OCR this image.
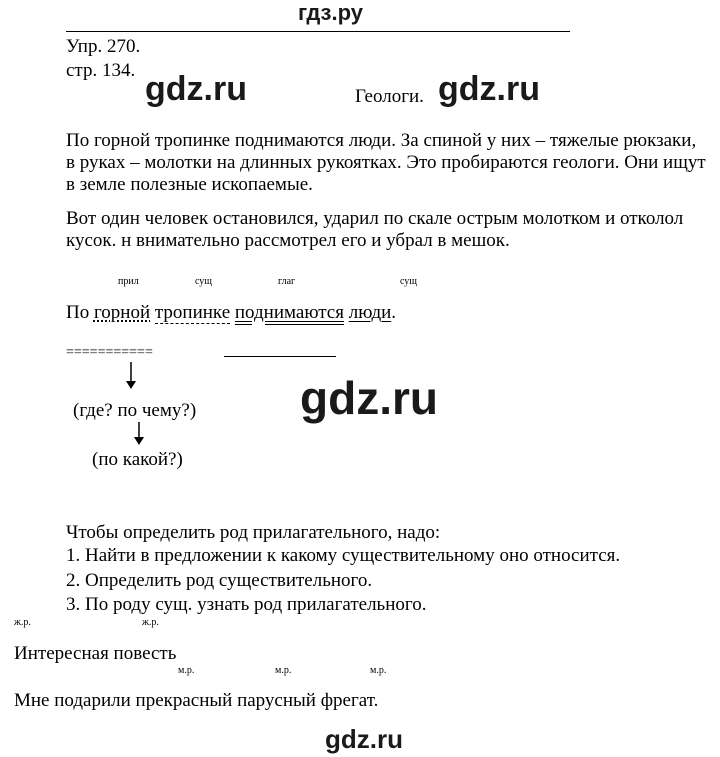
гдз.ру
Упр. 270.
стр. 134. gdz.ru	gdz.ru
Геологи.
По горной тропинке поднимаются люди. За спиной у них – тяжелые рюкзаки, в руках – молотки на длинных рукоятках. Это пробираются геологи. Они ищут в земле полезные ископаемые.
Вот один человек остановился, ударил по скале острым молотком и отколол кусок. н внимательно рассмотрел его и убрал в мешок.
прил	сущ	глаг	сущ
По горной тропинке поднимаются люди.
===========
(где? по чему?)
(по какой?)
gdz.ru
Чтобы определить род прилагательного, надо:
1. Найти в предложении к какому существительному оно относится.
2. Определить род существительного.
3. По роду сущ. узнать род прилагательного.
ж.р.	ж.р.
Интересная повесть
м.р.	м.р.	м.р.
Мне подарили прекрасный парусный фрегат.
gdz.ru
